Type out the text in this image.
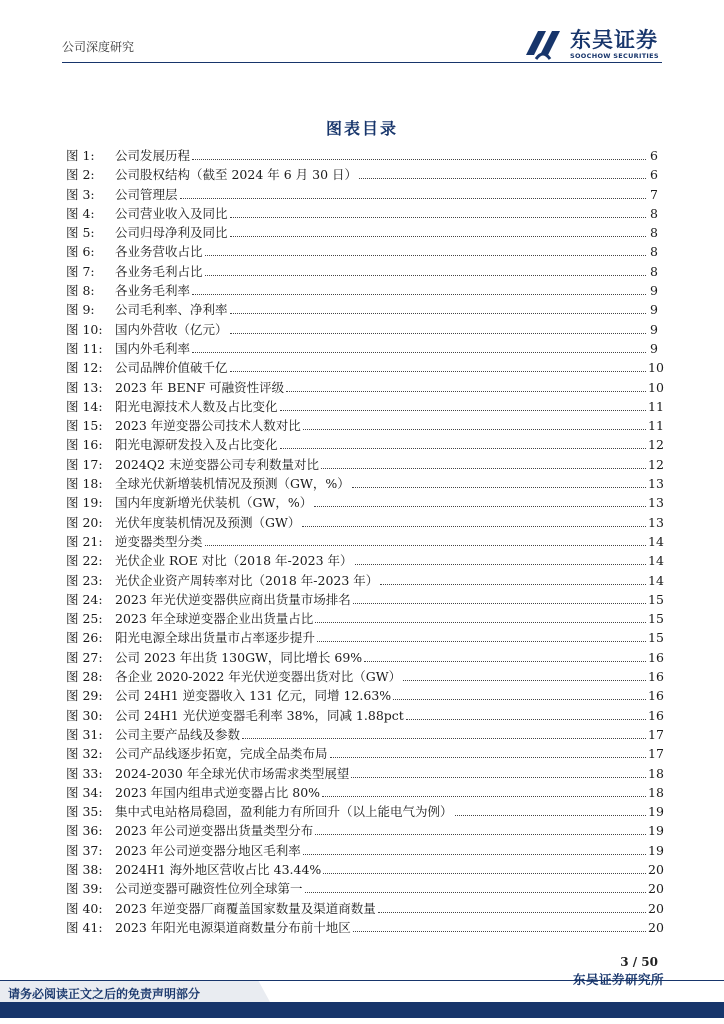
公司深度研究	东吴证券
SOOCHOW SECURITIES
图表目录
图 1:	公司发展历程	6
图 2:	公司股权结构（截至 2024 年 6 月 30 日）	6
图 3:	公司管理层	7
图 4:	公司营业收入及同比	8
图 5:	公司归母净利及同比	8
图 6:	各业务营收占比	8
图 7:	各业务毛利占比	8
图 8:	各业务毛利率	9
图 9:	公司毛利率、净利率	9
图 10: 国内外营收（亿元）	9
图 11: 国内外毛利率	9
图 12: 公司品牌价值破千亿	10
图 13: 2023 年 BENF 可融资性评级	10
图 14: 阳光电源技术人数及占比变化	11
图 15: 2023 年逆变器公司技术人数对比	11
图 16: 阳光电源研发投入及占比变化	12
图 17: 2024Q2 末逆变器公司专利数量对比	12
图 18: 全球光伏新增装机情况及预测（GW，%）	13
图 19: 国内年度新增光伏装机（GW，%）	13
图 20: 光伏年度装机情况及预测（GW）	13
图 21: 逆变器类型分类	14
图 22: 光伏企业 ROE 对比（2018 年-2023 年）	14
图 23: 光伏企业资产周转率对比（2018 年-2023 年）	14
图 24: 2023 年光伏逆变器供应商出货量市场排名	15
图 25: 2023 年全球逆变器企业出货量占比	15
图 26: 阳光电源全球出货量市占率逐步提升	15
图 27: 公司 2023 年出货 130GW，同比增长 69%	16
图 28: 各企业 2020-2022 年光伏逆变器出货对比（GW）	16
图 29: 公司 24H1 逆变器收入 131 亿元，同增 12.63%	16
图 30: 公司 24H1 光伏逆变器毛利率 38%，同减 1.88pct	16
图 31: 公司主要产品线及参数	17
图 32: 公司产品线逐步拓宽，完成全品类布局	17
图 33: 2024-2030 年全球光伏市场需求类型展望	18
图 34: 2023 年国内组串式逆变器占比 80%	18
图 35: 集中式电站格局稳固，盈利能力有所回升（以上能电气为例）	19
图 36: 2023 年公司逆变器出货量类型分布	19
图 37: 2023 年公司逆变器分地区毛利率	19
图 38: 2024H1 海外地区营收占比 43.44%	20
图 39: 公司逆变器可融资性位列全球第一	20
图 40: 2023 年逆变器厂商覆盖国家数量及渠道商数量	20
图 41: 2023 年阳光电源渠道商数量分布前十地区	20
3 / 50
请务必阅读正文之后的免责声明部分
东吴证券研究所
